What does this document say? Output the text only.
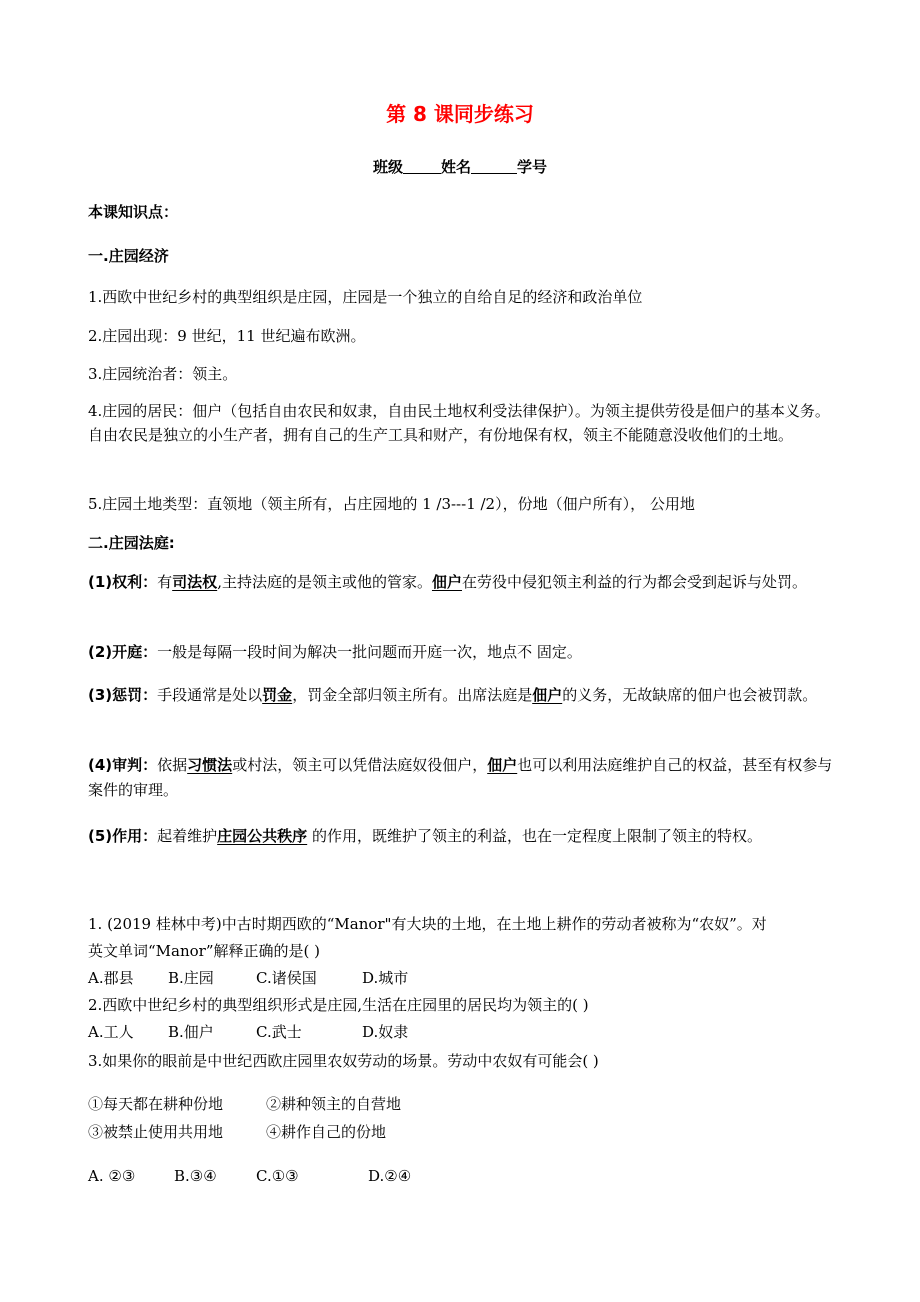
第 8 课同步练习
班级	姓名	学号
本课知识点：
一.庄园经济
1.西欧中世纪乡村的典型组织是庄园，庄园是一个独立的自给自足的经济和政治单位
2.庄园出现：9 世纪，11 世纪遍布欧洲。
3.庄园统治者：领主。
4.庄园的居民：佃户（包括自由农民和奴隶，自由民土地权利受法律保护）。为领主提供劳役是佃户的基本义务。自由农民是独立的小生产者，拥有自己的生产工具和财产，有份地保有权，领主不能随意没收他们的土地。
5.庄园土地类型：直领地（领主所有，占庄园地的 1 /3---1 /2），份地（佃户所有）， 公用地
二.庄园法庭:
(1)权利：有司法权,主持法庭的是领主或他的管家。佃户在劳役中侵犯领主利益的行为都会受到起诉与处罚。
(2)开庭：一般是每隔一段时间为解决一批问题而开庭一次，地点不 固定。
(3)惩罚：手段通常是处以罚金，罚金全部归领主所有。出席法庭是佃户的义务，无故缺席的佃户也会被罚款。
(4)审判：依据习惯法或村法，领主可以凭借法庭奴役佃户，佃户也可以利用法庭维护自己的权益，甚至有权参与案件的审理。
(5)作用：起着维护庄园公共秩序 的作用，既维护了领主的利益，也在一定程度上限制了领主的特权。
1. (2019 桂林中考)中古时期西欧的“Manor"有大块的土地，在土地上耕作的劳动者被称为“农奴”。对
英文单词“Manor”解释正确的是( )
A.郡县 B.庄园	C.诸侯国	D.城市
2.西欧中世纪乡村的典型组织形式是庄园,生活在庄园里的居民均为领主的( )
A.工人 B.佃户	C.武士	D.奴隶
3.如果你的眼前是中世纪西欧庄园里农奴劳动的场景。劳动中农奴有可能会( )
①每天都在耕种份地	②耕种领主的自营地
③被禁止使用共用地	④耕作自己的份地
A. ②③	B.③④	C.①③	D.②④
